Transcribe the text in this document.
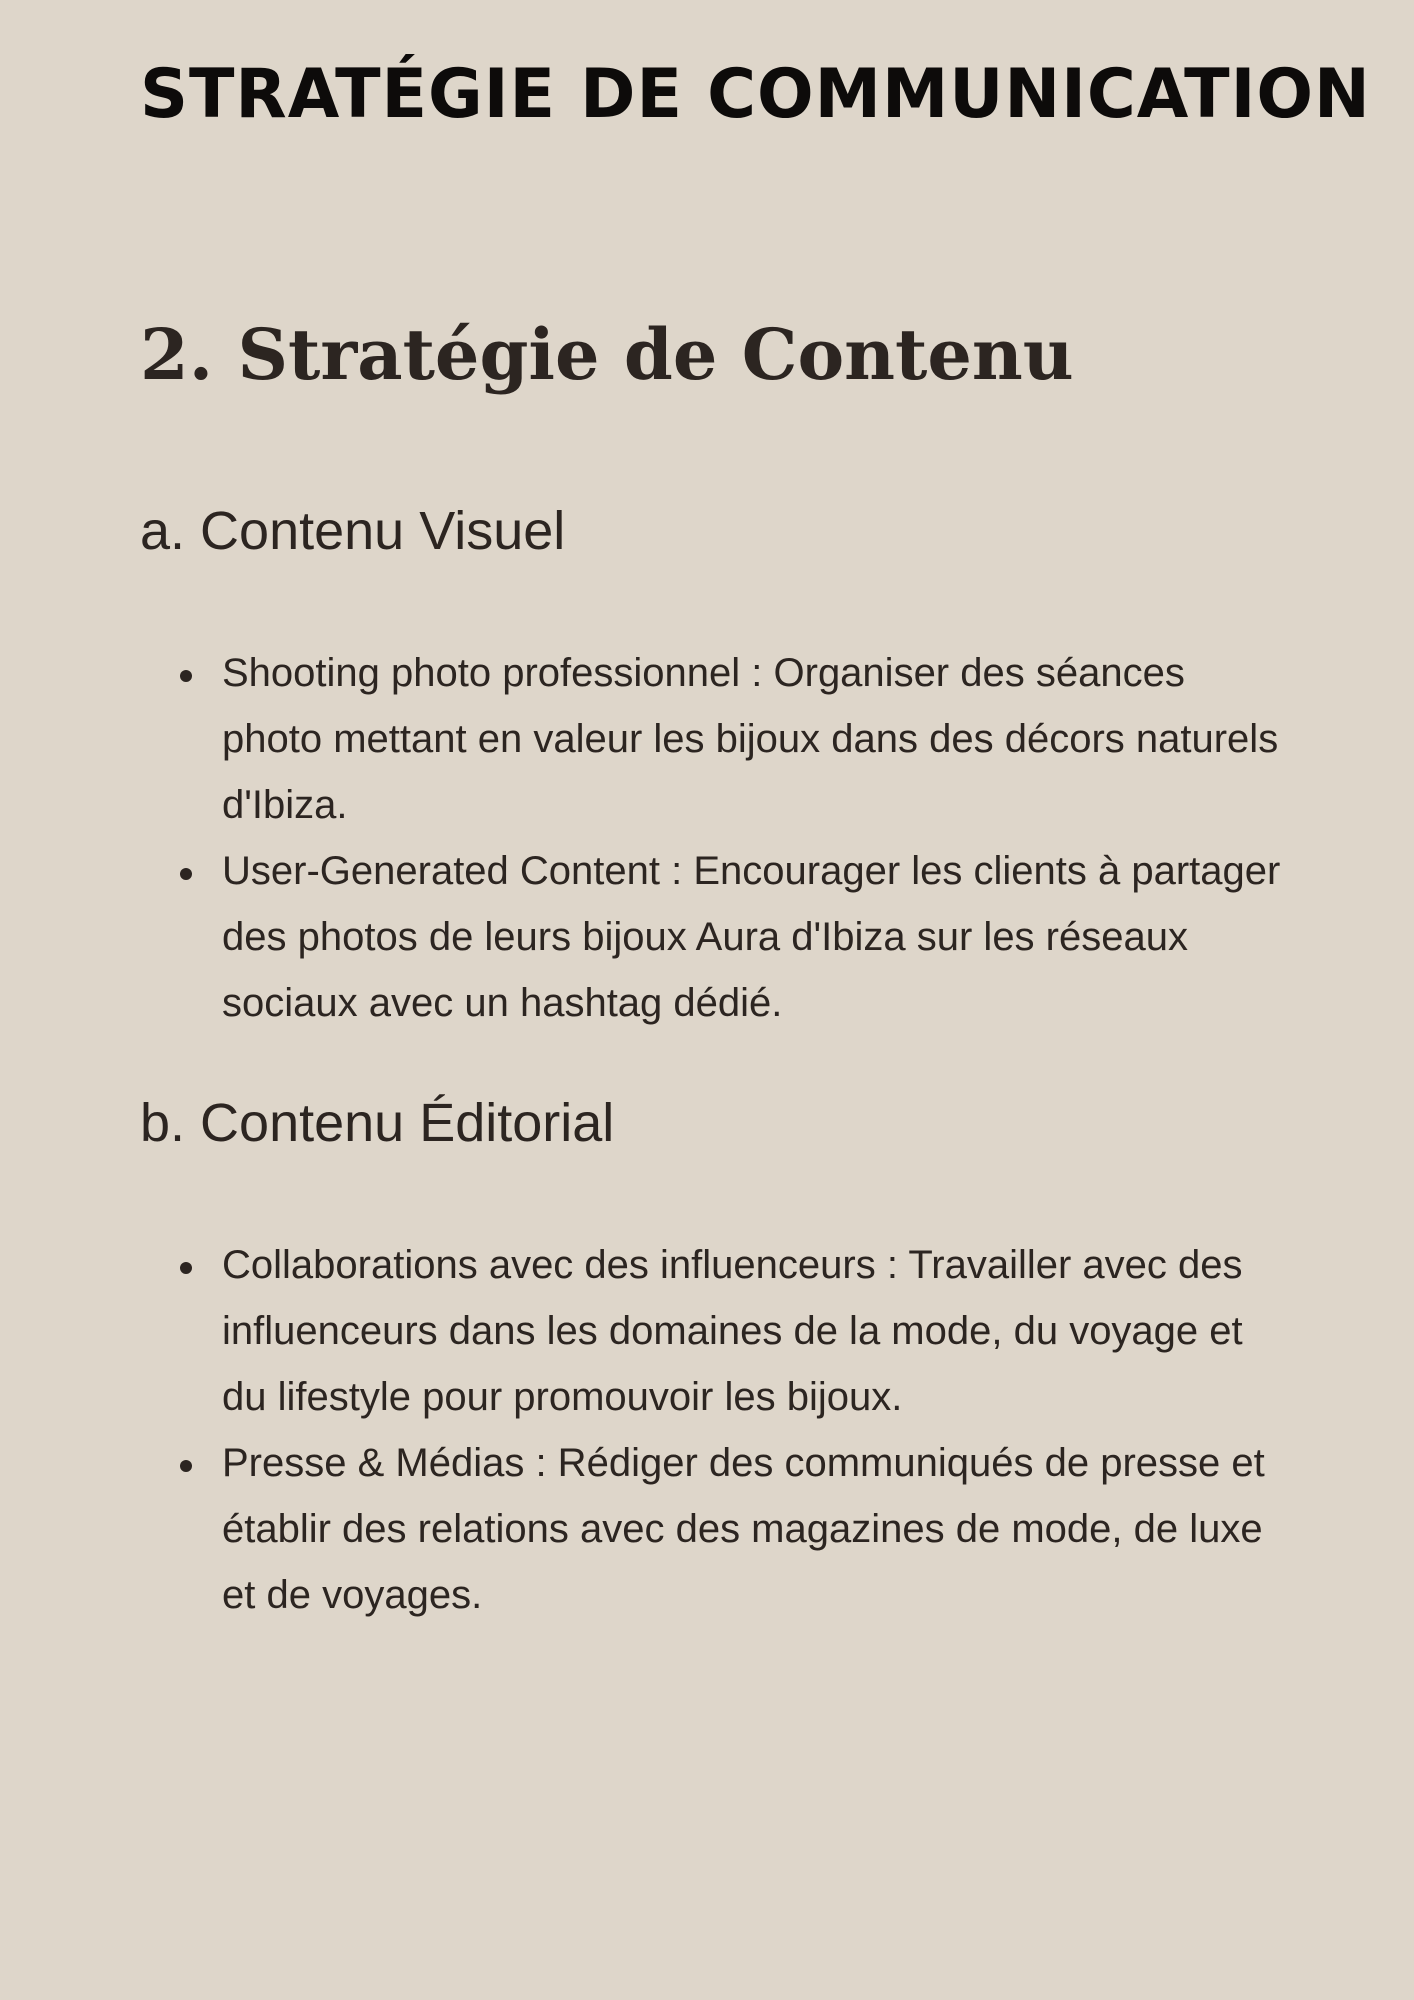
STRATÉGIE DE COMMUNICATION
2. Stratégie de Contenu
a. Contenu Visuel
Shooting photo professionnel : Organiser des séances photo mettant en valeur les bijoux dans des décors naturels d'Ibiza.
User-Generated Content : Encourager les clients à partager des photos de leurs bijoux Aura d'Ibiza sur les réseaux sociaux avec un hashtag dédié.
b. Contenu Éditorial
Collaborations avec des influenceurs : Travailler avec des influenceurs dans les domaines de la mode, du voyage et du lifestyle pour promouvoir les bijoux.
Presse & Médias : Rédiger des communiqués de presse et établir des relations avec des magazines de mode, de luxe et de voyages.
